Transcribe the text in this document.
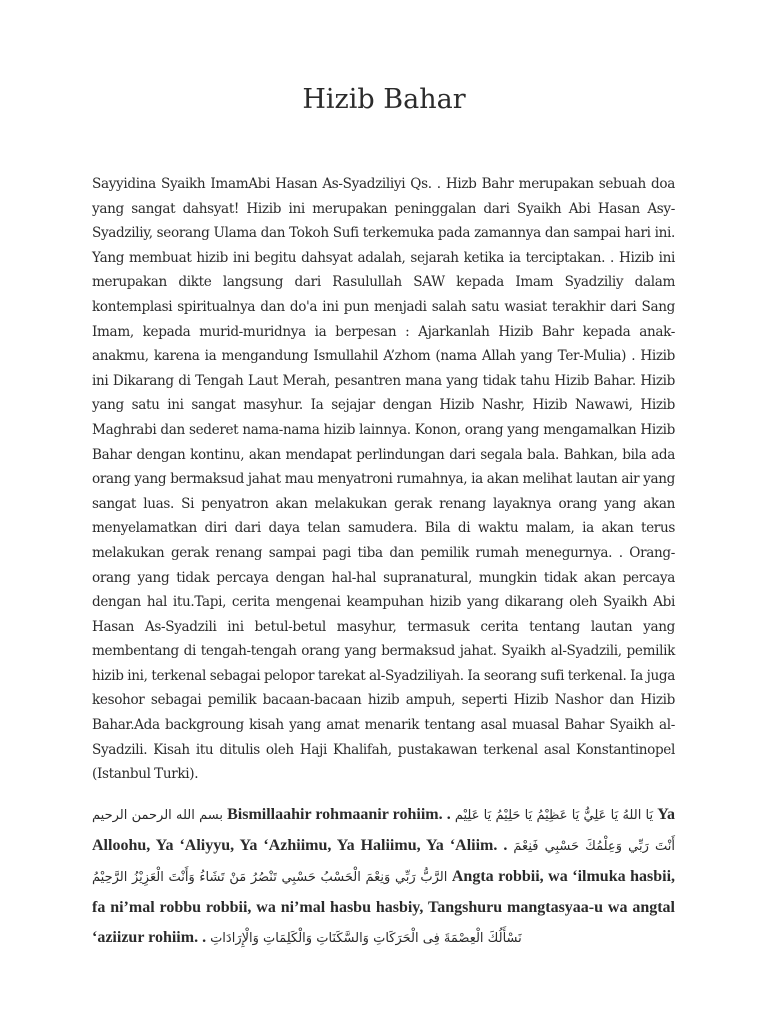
Hizib Bahar

Sayyidina Syaikh ImamAbi Hasan As-Syadziliyi Qs. . Hizb Bahr merupakan sebuah doa yang sangat dahsyat! Hizib ini merupakan peninggalan dari Syaikh Abi Hasan Asy-Syadziliy, seorang Ulama dan Tokoh Sufi terkemuka pada zamannya dan sampai hari ini. Yang membuat hizib ini begitu dahsyat adalah, sejarah ketika ia terciptakan. . Hizib ini merupakan dikte langsung dari Rasulullah SAW kepada Imam Syadziliy dalam kontemplasi spiritualnya dan do'a ini pun menjadi salah satu wasiat terakhir dari Sang Imam, kepada murid-muridnya ia berpesan : Ajarkanlah Hizib Bahr kepada anak-anakmu, karena ia mengandung Ismullahil A’zhom (nama Allah yang Ter-Mulia) . Hizib ini Dikarang di Tengah Laut Merah, pesantren mana yang tidak tahu Hizib Bahar. Hizib yang satu ini sangat masyhur. Ia sejajar dengan Hizib Nashr, Hizib Nawawi, Hizib Maghrabi dan sederet nama-nama hizib lainnya. Konon, orang yang mengamalkan Hizib Bahar dengan kontinu, akan mendapat perlindungan dari segala bala. Bahkan, bila ada orang yang bermaksud jahat mau menyatroni rumahnya, ia akan melihat lautan air yang sangat luas. Si penyatron akan melakukan gerak renang layaknya orang yang akan menyelamatkan diri dari daya telan samudera. Bila di waktu malam, ia akan terus melakukan gerak renang sampai pagi tiba dan pemilik rumah menegurnya. . Orang-orang yang tidak percaya dengan hal-hal supranatural, mungkin tidak akan percaya dengan hal itu.Tapi, cerita mengenai keampuhan hizib yang dikarang oleh Syaikh Abi Hasan As-Syadzili ini betul-betul masyhur, termasuk cerita tentang lautan yang membentang di tengah-tengah orang yang bermaksud jahat. Syaikh al-Syadzili, pemilik hizib ini, terkenal sebagai pelopor tarekat al-Syadziliyah. Ia seorang sufi terkenal. Ia juga kesohor sebagai pemilik bacaan-bacaan hizib ampuh, seperti Hizib Nashor dan Hizib Bahar.Ada backgroung kisah yang amat menarik tentang asal muasal Bahar Syaikh al-Syadzili. Kisah itu ditulis oleh Haji Khalifah, pustakawan terkenal asal Konstantinopel (Istanbul Turki).

بسم الله الرحمن الرحيم Bismillaahir rohmaanir rohiim. . يَا اللهُ يَا عَلِيُّ يَا عَظِيْمُ يَا حَلِيْمُ يَا عَلِيْم Ya Alloohu, Ya ‘Aliyyu, Ya ‘Azhiimu, Ya Haliimu, Ya ‘Aliim. . أَنْتَ رَبِّي وَعِلْمُكَ حَسْبِي فَنِعْمَ الرَّبُّ رَبِّي وَنِعْمَ الْحَسْبُ حَسْبِي تَنْصُرُ مَنْ تَشَاءُ وَأَنْتَ الْعَزِيْزُ الرَّحِيْمُ Angta robbii, wa ‘ilmuka hasbii, fa ni’mal robbu robbii, wa ni’mal hasbu hasbiy, Tangshuru mangtasyaa-u wa angtal ‘aziizur rohiim. . نَسْأَلُكَ الْعِصْمَةَ فِى الْحَرَكَاتِ وَالسَّكَنَاتِ وَالْكَلِمَاتِ وَالْإِرَادَاتِ
